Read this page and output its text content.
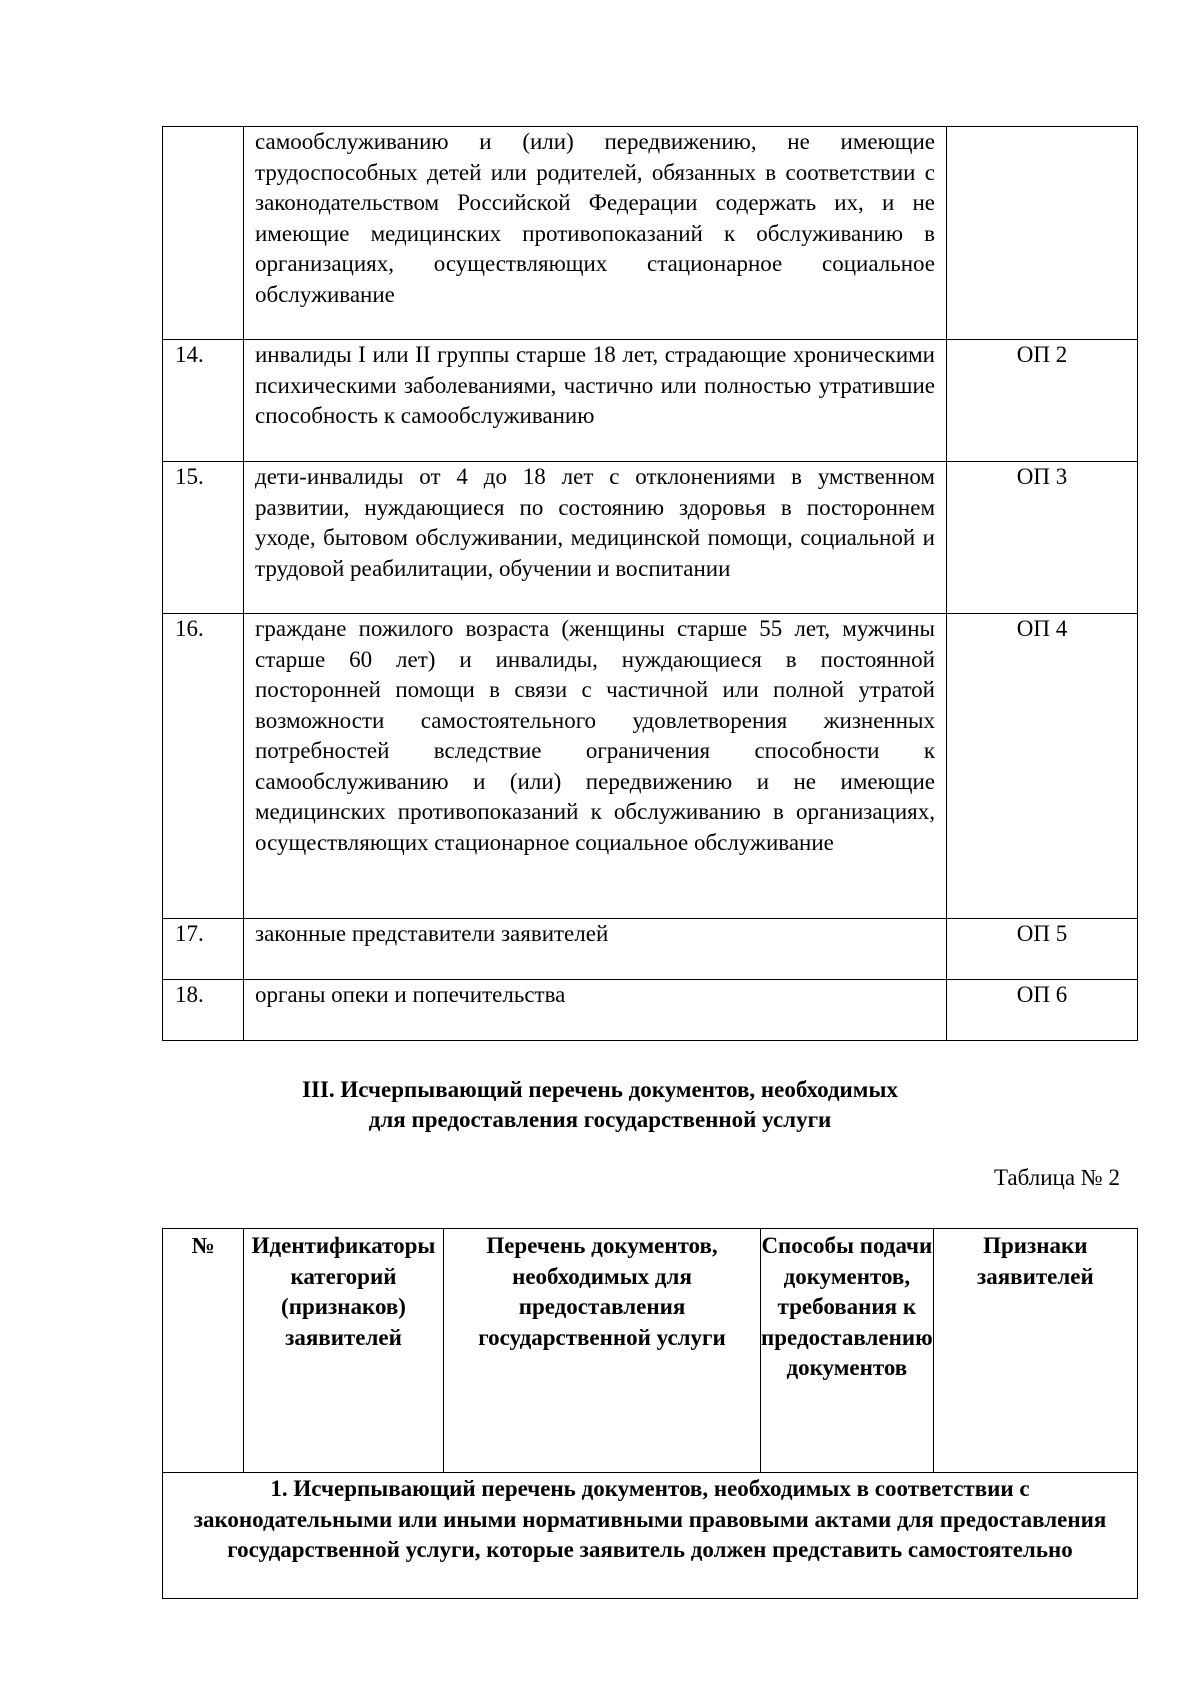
	самообслуживанию и (или) передвижению, не имеющие трудоспособных детей или родителей, обязанных в соответствии с законодательством Российской Федерации содержать их, и не имеющие медицинских противопоказаний к обслуживанию в организациях, осуществляющих стационарное социальное обслуживание	
14.	инвалиды I или II группы старше 18 лет, страдающие хроническими психическими заболеваниями, частично или полностью утратившие способность к самообслуживанию	ОП 2
15.	дети-инвалиды от 4 до 18 лет с отклонениями в умственном развитии, нуждающиеся по состоянию здоровья в постороннем уходе, бытовом обслуживании, медицинской помощи, социальной и трудовой реабилитации, обучении и воспитании	ОП 3
16.	граждане пожилого возраста (женщины старше 55 лет, мужчины старше 60 лет) и инвалиды, нуждающиеся в постоянной посторонней помощи в связи с частичной или полной утратой возможности самостоятельного удовлетворения жизненных потребностей вследствие ограничения способности к самообслуживанию и (или) передвижению и не имеющие медицинских противопоказаний к обслуживанию в организациях, осуществляющих стационарное социальное обслуживание	ОП 4
17.	законные представители заявителей	ОП 5
18.	органы опеки и попечительства	ОП 6
III. Исчерпывающий перечень документов, необходимых
для предоставления государственной услуги
Таблица № 2
№	Идентификаторы категорий (признаков) заявителей	Перечень документов, необходимых для предоставления государственной услуги	Способы подачи документов, требования к предоставлению документов	Признаки заявителей
1. Исчерпывающий перечень документов, необходимых в соответствии с законодательными или иными нормативными правовыми актами для предоставления государственной услуги, которые заявитель должен представить самостоятельно
